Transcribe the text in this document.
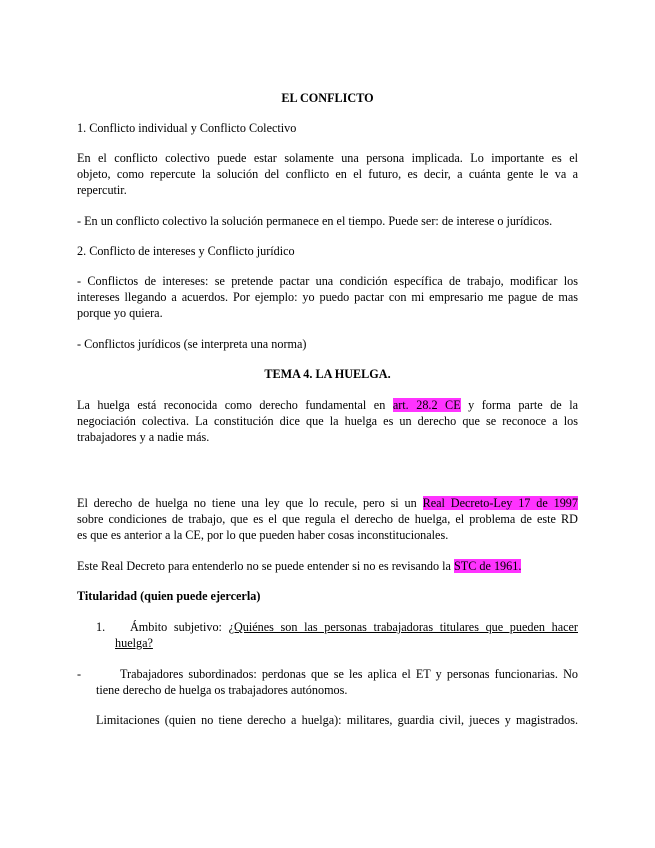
EL CONFLICTO
1. Conflicto individual y Conflicto Colectivo
En el conflicto colectivo puede estar solamente una persona implicada. Lo importante es el
objeto, como repercute la solución del conflicto en el futuro, es decir, a cuánta gente le va a
repercutir.
- En un conflicto colectivo la solución permanece en el tiempo. Puede ser: de interese o jurídicos.
2. Conflicto de intereses y Conflicto jurídico
- Conflictos de intereses: se pretende pactar una condición específica de trabajo, modificar los
intereses llegando a acuerdos. Por ejemplo: yo puedo pactar con mi empresario me pague de mas
porque yo quiera.
- Conflictos jurídicos (se interpreta una norma)
TEMA 4. LA HUELGA.
La huelga está reconocida como derecho fundamental en art. 28.2 CE y forma parte de la
negociación colectiva. La constitución dice que la huelga es un derecho que se reconoce a los
trabajadores y a nadie más.
El derecho de huelga no tiene una ley que lo recule, pero si un Real Decreto-Ley 17 de 1997
sobre condiciones de trabajo, que es el que regula el derecho de huelga, el problema de este RD
es que es anterior a la CE, por lo que pueden haber cosas inconstitucionales.
Este Real Decreto para entenderlo no se puede entender si no es revisando la STC de 1961.
Titularidad (quien puede ejercerla)
1. Ámbito subjetivo: ¿Quiénes son las personas trabajadoras titulares que pueden hacer
huelga?
-	Trabajadores subordinados: perdonas que se les aplica el ET y personas funcionarias. No
tiene derecho de huelga os trabajadores autónomos.
Limitaciones (quien no tiene derecho a huelga): militares, guardia civil, jueces y magistrados.
